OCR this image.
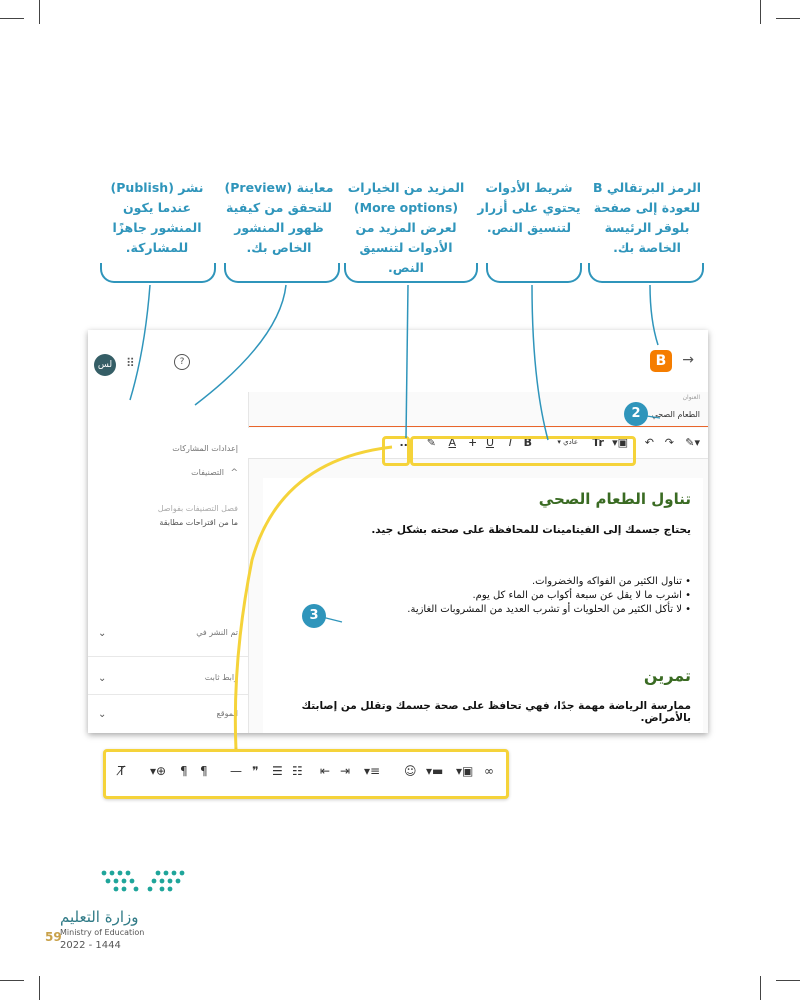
الرمز البرتقالي B للعودة إلى صفحة بلوقر الرئيسة الخاصة بك.
شريط الأدوات يحتوي على أزرار لتنسيق النص.
المزيد من الخيارات (More options) لعرض المزيد من الأدوات لتنسيق النص.
معاينة (Preview) للتحقق من كيفية ظهور المنشور الخاص بك.
نشر (Publish) عندما يكون المنشور جاهزًا للمشاركة.
→
B
لس	⠿	?
العنوان
الطعام الصحي
إعدادات المشاركات
التصنيفات ^
فصل التصنيفات بفواصل
ما من اقتراحات مطابقة
تم النشر في
⌄
رابط ثابت
⌄
الموقع
⌄
✎▾
↷
↶
▾▣
Tr
عادي ▾
B
I
U
T
A
✎
...
تناول الطعام الصحي
يحتاج جسمك إلى الفيتامينات للمحافظة على صحته بشكل جيد.
• تناول الكثير من الفواكه والخضروات.
• اشرب ما لا يقل عن سبعة أكواب من الماء كل يوم.
• لا تأكل الكثير من الحلويات أو تشرب العديد من المشروبات الغازية.
تمرين
ممارسة الرياضة مهمة جدًا، فهي تحافظ على صحة جسمك وتقلل من إصابتك بالأمراض.
2
3
T̸ ▾⊕ ¶ ¶ — ❞ ☰ ☷ ⇤ ⇥ ▾≡ ☺ ▾▬ ▾▣ ∞
وزارة التعليم
Ministry of Education
2022 - 1444
59
